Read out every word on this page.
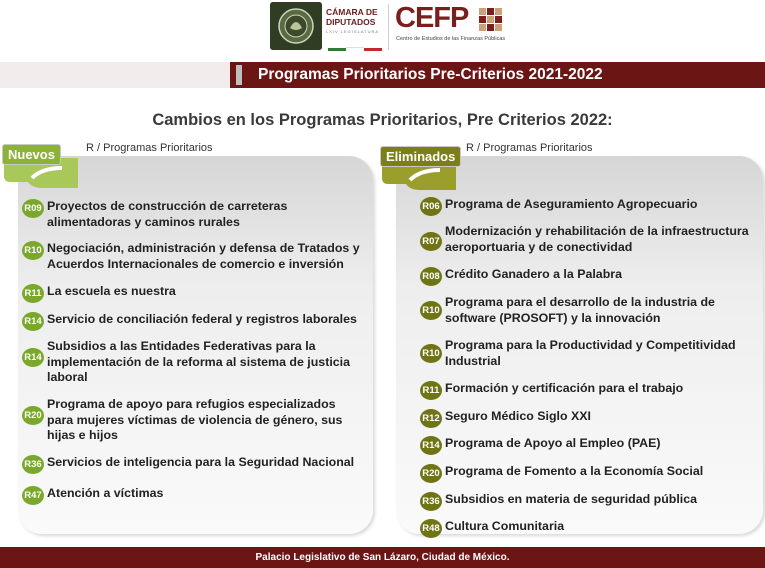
CÁMARA DE
DIPUTADOS
LXIV LEGISLATURA CEFP
Centro de Estudios de las Finanzas Públicas
Programas Prioritarios Pre-Criterios 2021-2022
Cambios en los Programas Prioritarios, Pre Criterios 2022:
Nuevos	Eliminados
R / Programas Prioritarios	R / Programas Prioritarios
R09 Proyectos de construcción de carreteras alimentadoras y caminos rurales
R10 Negociación, administración y defensa de Tratados y Acuerdos Internacionales de comercio e inversión
R11 La escuela es nuestra
R14 Servicio de conciliación federal y registros laborales
R14
Subsidios a las Entidades Federativas para la implementación de la reforma al sistema de justicia laboral
R20
Programa de apoyo para refugios especializados para mujeres víctimas de violencia de género, sus hijas e hijos
R36 Servicios de inteligencia para la Seguridad Nacional
R47 Atención a víctimas
R06 Programa de Aseguramiento Agropecuario
R07
Modernización y rehabilitación de la infraestructura aeroportuaria y de conectividad
R08 Crédito Ganadero a la Palabra
R10
Programa para el desarrollo de la industria de software (PROSOFT) y la innovación
R10
Programa para la Productividad y Competitividad Industrial
R11 Formación y certificación para el trabajo
R12 Seguro Médico Siglo XXI
R14 Programa de Apoyo al Empleo (PAE)
R20 Programa de Fomento a la Economía Social
R36 Subsidios en materia de seguridad pública
R48 Cultura Comunitaria
Palacio Legislativo de San Lázaro, Ciudad de México.
